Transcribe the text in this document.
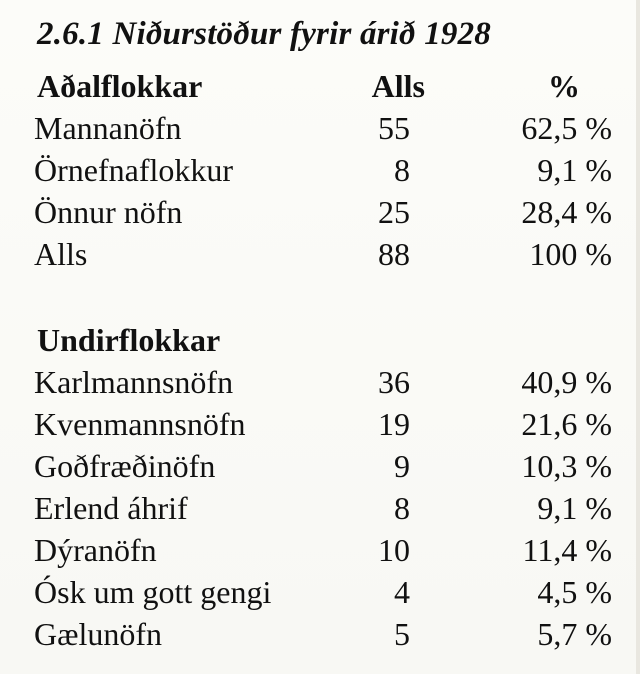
2.6.1 Niðurstöður fyrir árið 1928
Aðalflokkar	Alls	%
Mannanöfn	55	62,5 %
Örnefnaflokkur	8	9,1 %
Önnur nöfn	25	28,4 %
Alls	88	100 %
Undirflokkar
Karlmannsnöfn	36	40,9 %
Kvenmannsnöfn	19	21,6 %
Goðfræðinöfn	9	10,3 %
Erlend áhrif	8	9,1 %
Dýranöfn	10	11,4 %
Ósk um gott gengi	4	4,5 %
Gælunöfn	5	5,7 %
